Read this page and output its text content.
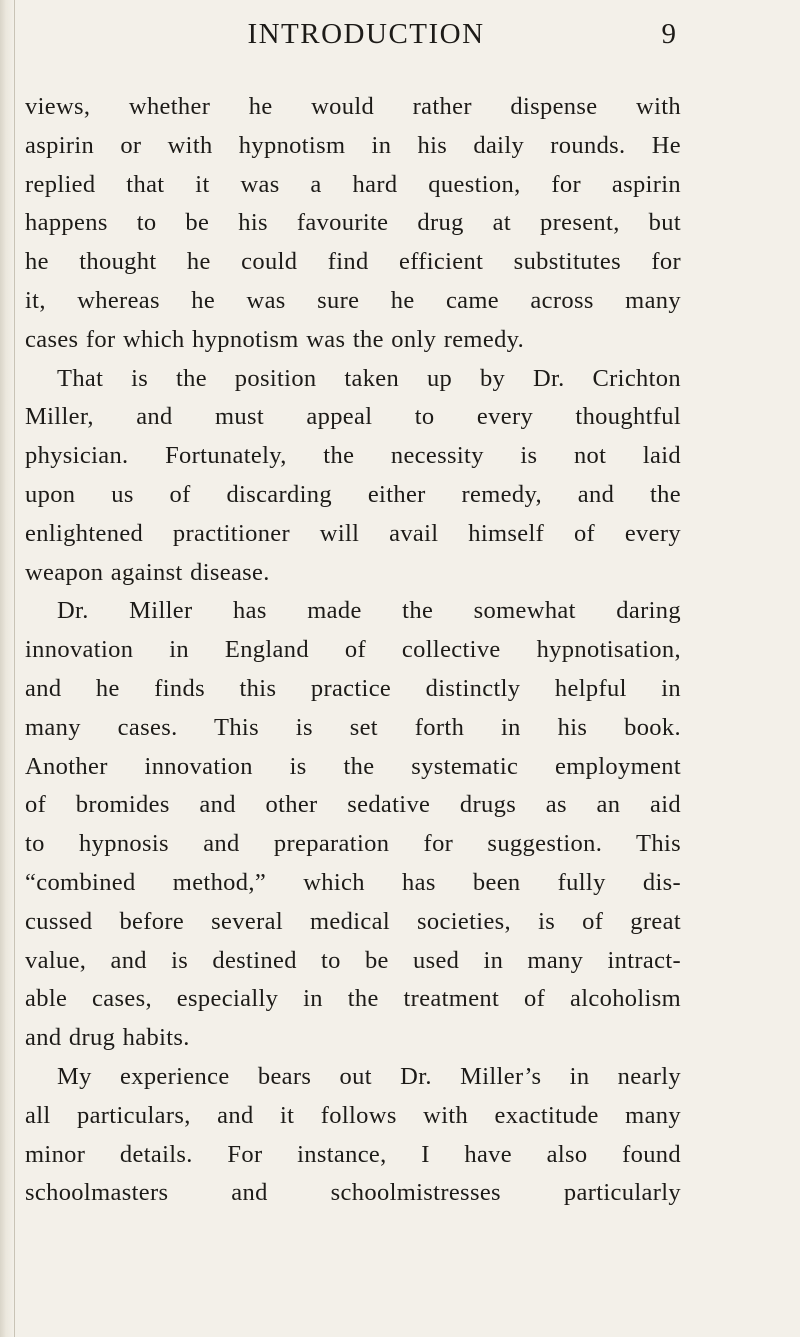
INTRODUCTION	9
views, whether he would rather dispense with
aspirin or with hypnotism in his daily rounds. He
replied that it was a hard question, for aspirin
happens to be his favourite drug at present, but
he thought he could find efficient substitutes for
it, whereas he was sure he came across many
cases for which hypnotism was the only remedy.
That is the position taken up by Dr. Crichton
Miller, and must appeal to every thoughtful
physician. Fortunately, the necessity is not laid
upon us of discarding either remedy, and the
enlightened practitioner will avail himself of every
weapon against disease.
Dr. Miller has made the somewhat daring
innovation in England of collective hypnotisation,
and he finds this practice distinctly helpful in
many cases. This is set forth in his book.
Another innovation is the systematic employment
of bromides and other sedative drugs as an aid
to hypnosis and preparation for suggestion. This
“combined method,” which has been fully dis-
cussed before several medical societies, is of great
value, and is destined to be used in many intract-
able cases, especially in the treatment of alcoholism
and drug habits.
My experience bears out Dr. Miller’s in nearly
all particulars, and it follows with exactitude many
minor details. For instance, I have also found
schoolmasters and schoolmistresses particularly
